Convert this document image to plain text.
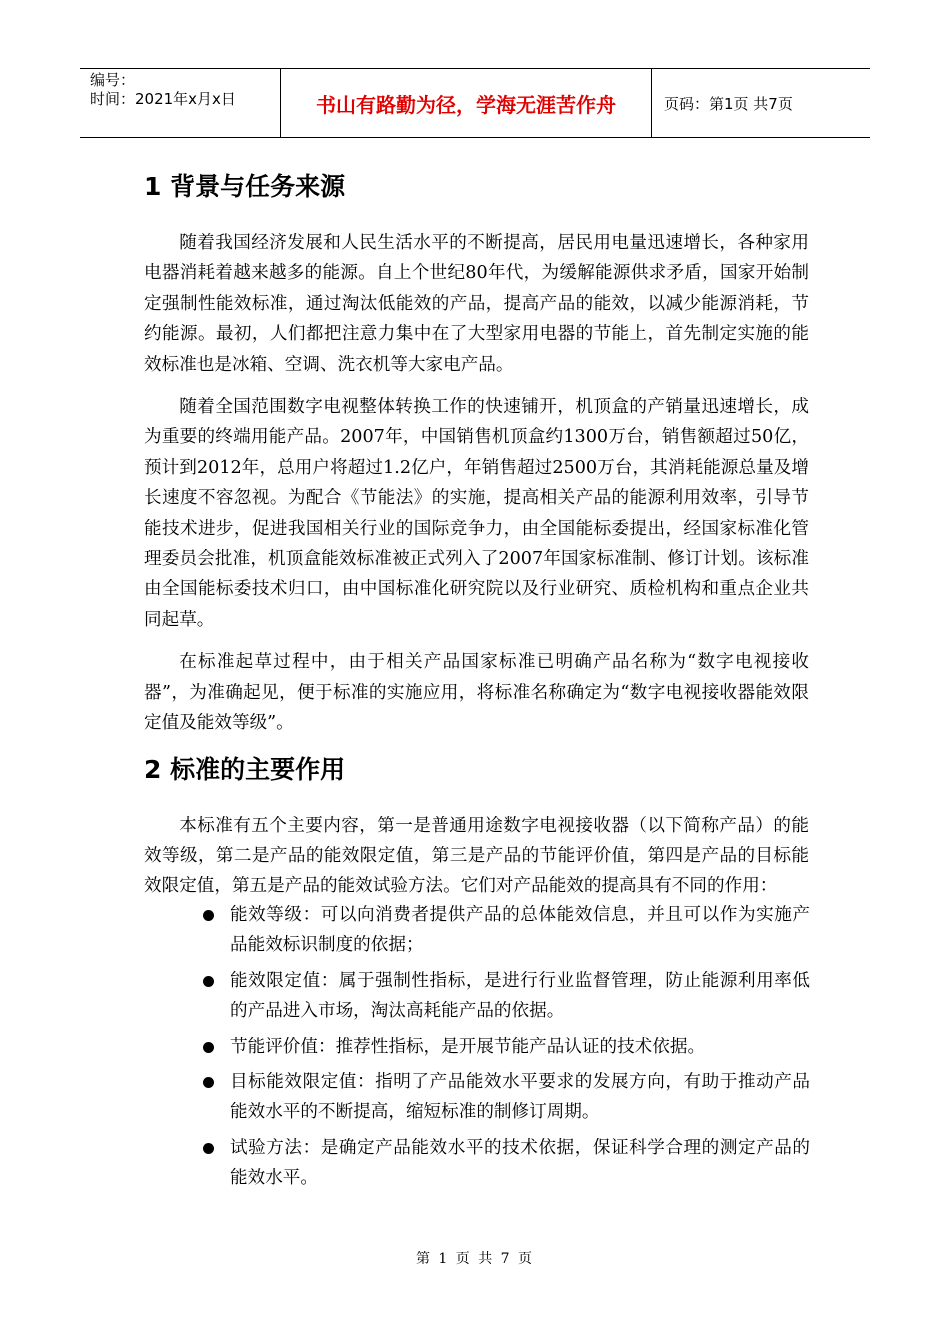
编号：
时间：2021年x月x日	书山有路勤为径，学海无涯苦作舟	页码：第1页 共7页
1 背景与任务来源

随着我国经济发展和人民生活水平的不断提高，居民用电量迅速增长，各种家用电器消耗着越来越多的能源。自上个世纪80年代，为缓解能源供求矛盾，国家开始制定强制性能效标准，通过淘汰低能效的产品，提高产品的能效，以减少能源消耗，节约能源。最初，人们都把注意力集中在了大型家用电器的节能上，首先制定实施的能效标准也是冰箱、空调、洗衣机等大家电产品。

随着全国范围数字电视整体转换工作的快速铺开，机顶盒的产销量迅速增长，成为重要的终端用能产品。2007年，中国销售机顶盒约1300万台，销售额超过50亿，预计到2012年，总用户将超过1.2亿户，年销售超过2500万台，其消耗能源总量及增长速度不容忽视。为配合《节能法》的实施，提高相关产品的能源利用效率，引导节能技术进步，促进我国相关行业的国际竞争力，由全国能标委提出，经国家标准化管理委员会批准，机顶盒能效标准被正式列入了2007年国家标准制、修订计划。该标准由全国能标委技术归口，由中国标准化研究院以及行业研究、质检机构和重点企业共同起草。

在标准起草过程中，由于相关产品国家标准已明确产品名称为“数字电视接收器”，为准确起见，便于标准的实施应用，将标准名称确定为“数字电视接收器能效限定值及能效等级”。

2 标准的主要作用

本标准有五个主要内容，第一是普通用途数字电视接收器（以下简称产品）的能效等级，第二是产品的能效限定值，第三是产品的节能评价值，第四是产品的目标能效限定值，第五是产品的能效试验方法。它们对产品能效的提高具有不同的作用：

能效等级：可以向消费者提供产品的总体能效信息，并且可以作为实施产品能效标识制度的依据；
能效限定值：属于强制性指标，是进行行业监督管理，防止能源利用率低的产品进入市场，淘汰高耗能产品的依据。
节能评价值：推荐性指标，是开展节能产品认证的技术依据。
目标能效限定值：指明了产品能效水平要求的发展方向，有助于推动产品能效水平的不断提高，缩短标准的制修订周期。
试验方法：是确定产品能效水平的技术依据，保证科学合理的测定产品的能效水平。
第 1 页 共 7 页
